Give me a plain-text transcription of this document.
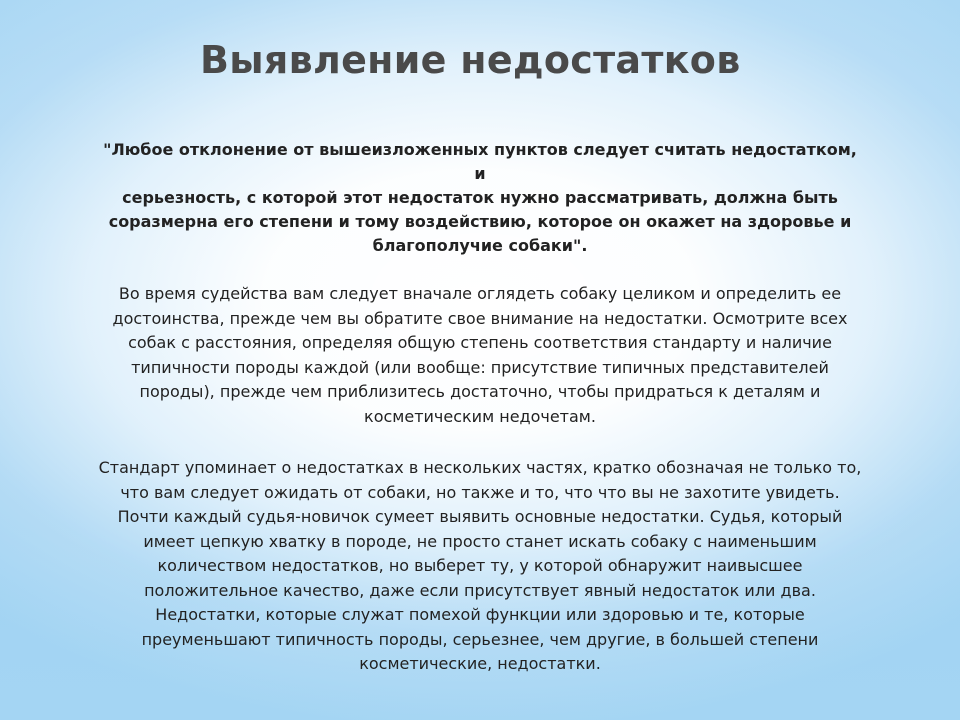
Выявление недостатков

"Любое отклонение от вышеизложенных пунктов следует считать недостатком, и
серьезность, с которой этот недостаток нужно рассматривать, должна быть
соразмерна его степени и тому воздействию, которое он окажет на здоровье и
благополучие собаки".

Во время судейства вам следует вначале оглядеть собаку целиком и определить ее
достоинства, прежде чем вы обратите свое внимание на недостатки. Осмотрите всех
собак с расстояния, определяя общую степень соответствия стандарту и наличие
типичности породы каждой (или вообще: присутствие типичных представителей
породы), прежде чем приблизитесь достаточно, чтобы придраться к деталям и
косметическим недочетам.

Стандарт упоминает о недостатках в нескольких частях, кратко обозначая не только то,
что вам следует ожидать от собаки, но также и то, что что вы не захотите увидеть.
Почти каждый судья-новичок сумеет выявить основные недостатки. Судья, который
имеет цепкую хватку в породе, не просто станет искать собаку с наименьшим
количеством недостатков, но выберет ту, у которой обнаружит наивысшее
положительное качество, даже если присутствует явный недостаток или два.
Недостатки, которые служат помехой функции или здоровью и те, которые
преуменьшают типичность породы, серьезнее, чем другие, в большей степени
косметические, недостатки.
